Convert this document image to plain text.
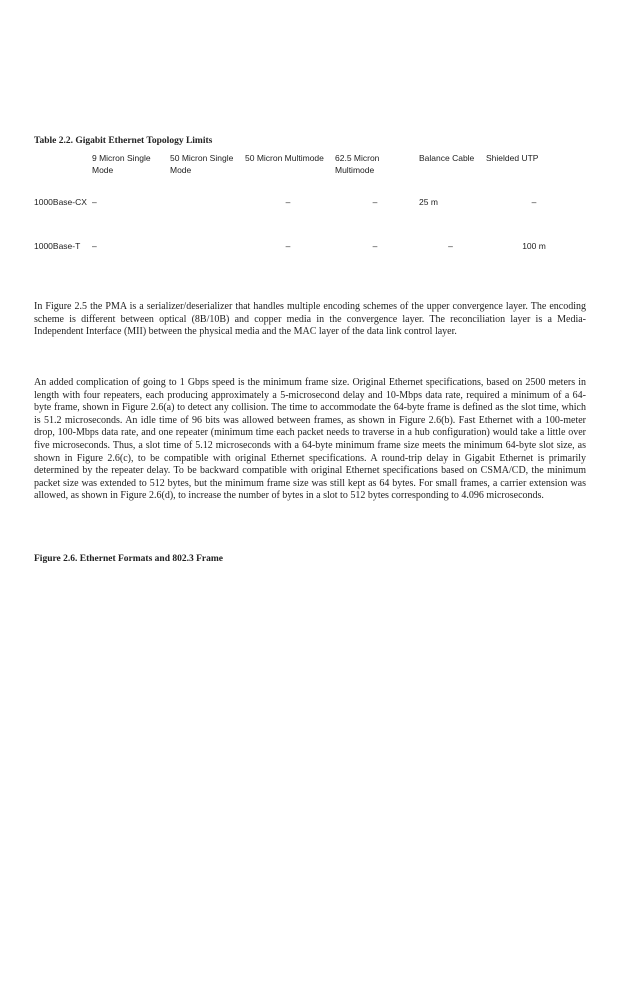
Table 2.2. Gigabit Ethernet Topology Limits
	9 Micron Single Mode	50 Micron Single Mode	50 Micron Multimode	62.5 Micron Multimode	Balance Cable	Shielded UTP
1000Base-CX	–		–	–	25 m	–
1000Base-T	–		–	–	–	100 m

In Figure 2.5 the PMA is a serializer/deserializer that handles multiple encoding schemes of the upper convergence layer. The encoding scheme is different between optical (8B/10B) and copper media in the convergence layer. The reconciliation layer is a Media-Independent Interface (MII) between the physical media and the MAC layer of the data link control layer.

An added complication of going to 1 Gbps speed is the minimum frame size. Original Ethernet specifications, based on 2500 meters in length with four repeaters, each producing approximately a 5-microsecond delay and 10-Mbps data rate, required a minimum of a 64-byte frame, shown in Figure 2.6(a) to detect any collision. The time to accommodate the 64-byte frame is defined as the slot time, which is 51.2 microseconds. An idle time of 96 bits was allowed between frames, as shown in Figure 2.6(b). Fast Ethernet with a 100-meter drop, 100-Mbps data rate, and one repeater (minimum time each packet needs to traverse in a hub configuration) would take a little over five microseconds. Thus, a slot time of 5.12 microseconds with a 64-byte minimum frame size meets the minimum 64-byte slot size, as shown in Figure 2.6(c), to be compatible with original Ethernet specifications. A round-trip delay in Gigabit Ethernet is primarily determined by the repeater delay. To be backward compatible with original Ethernet specifications based on CSMA/CD, the minimum packet size was extended to 512 bytes, but the minimum frame size was still kept as 64 bytes. For small frames, a carrier extension was allowed, as shown in Figure 2.6(d), to increase the number of bytes in a slot to 512 bytes corresponding to 4.096 microseconds.

Figure 2.6. Ethernet Formats and 802.3 Frame
